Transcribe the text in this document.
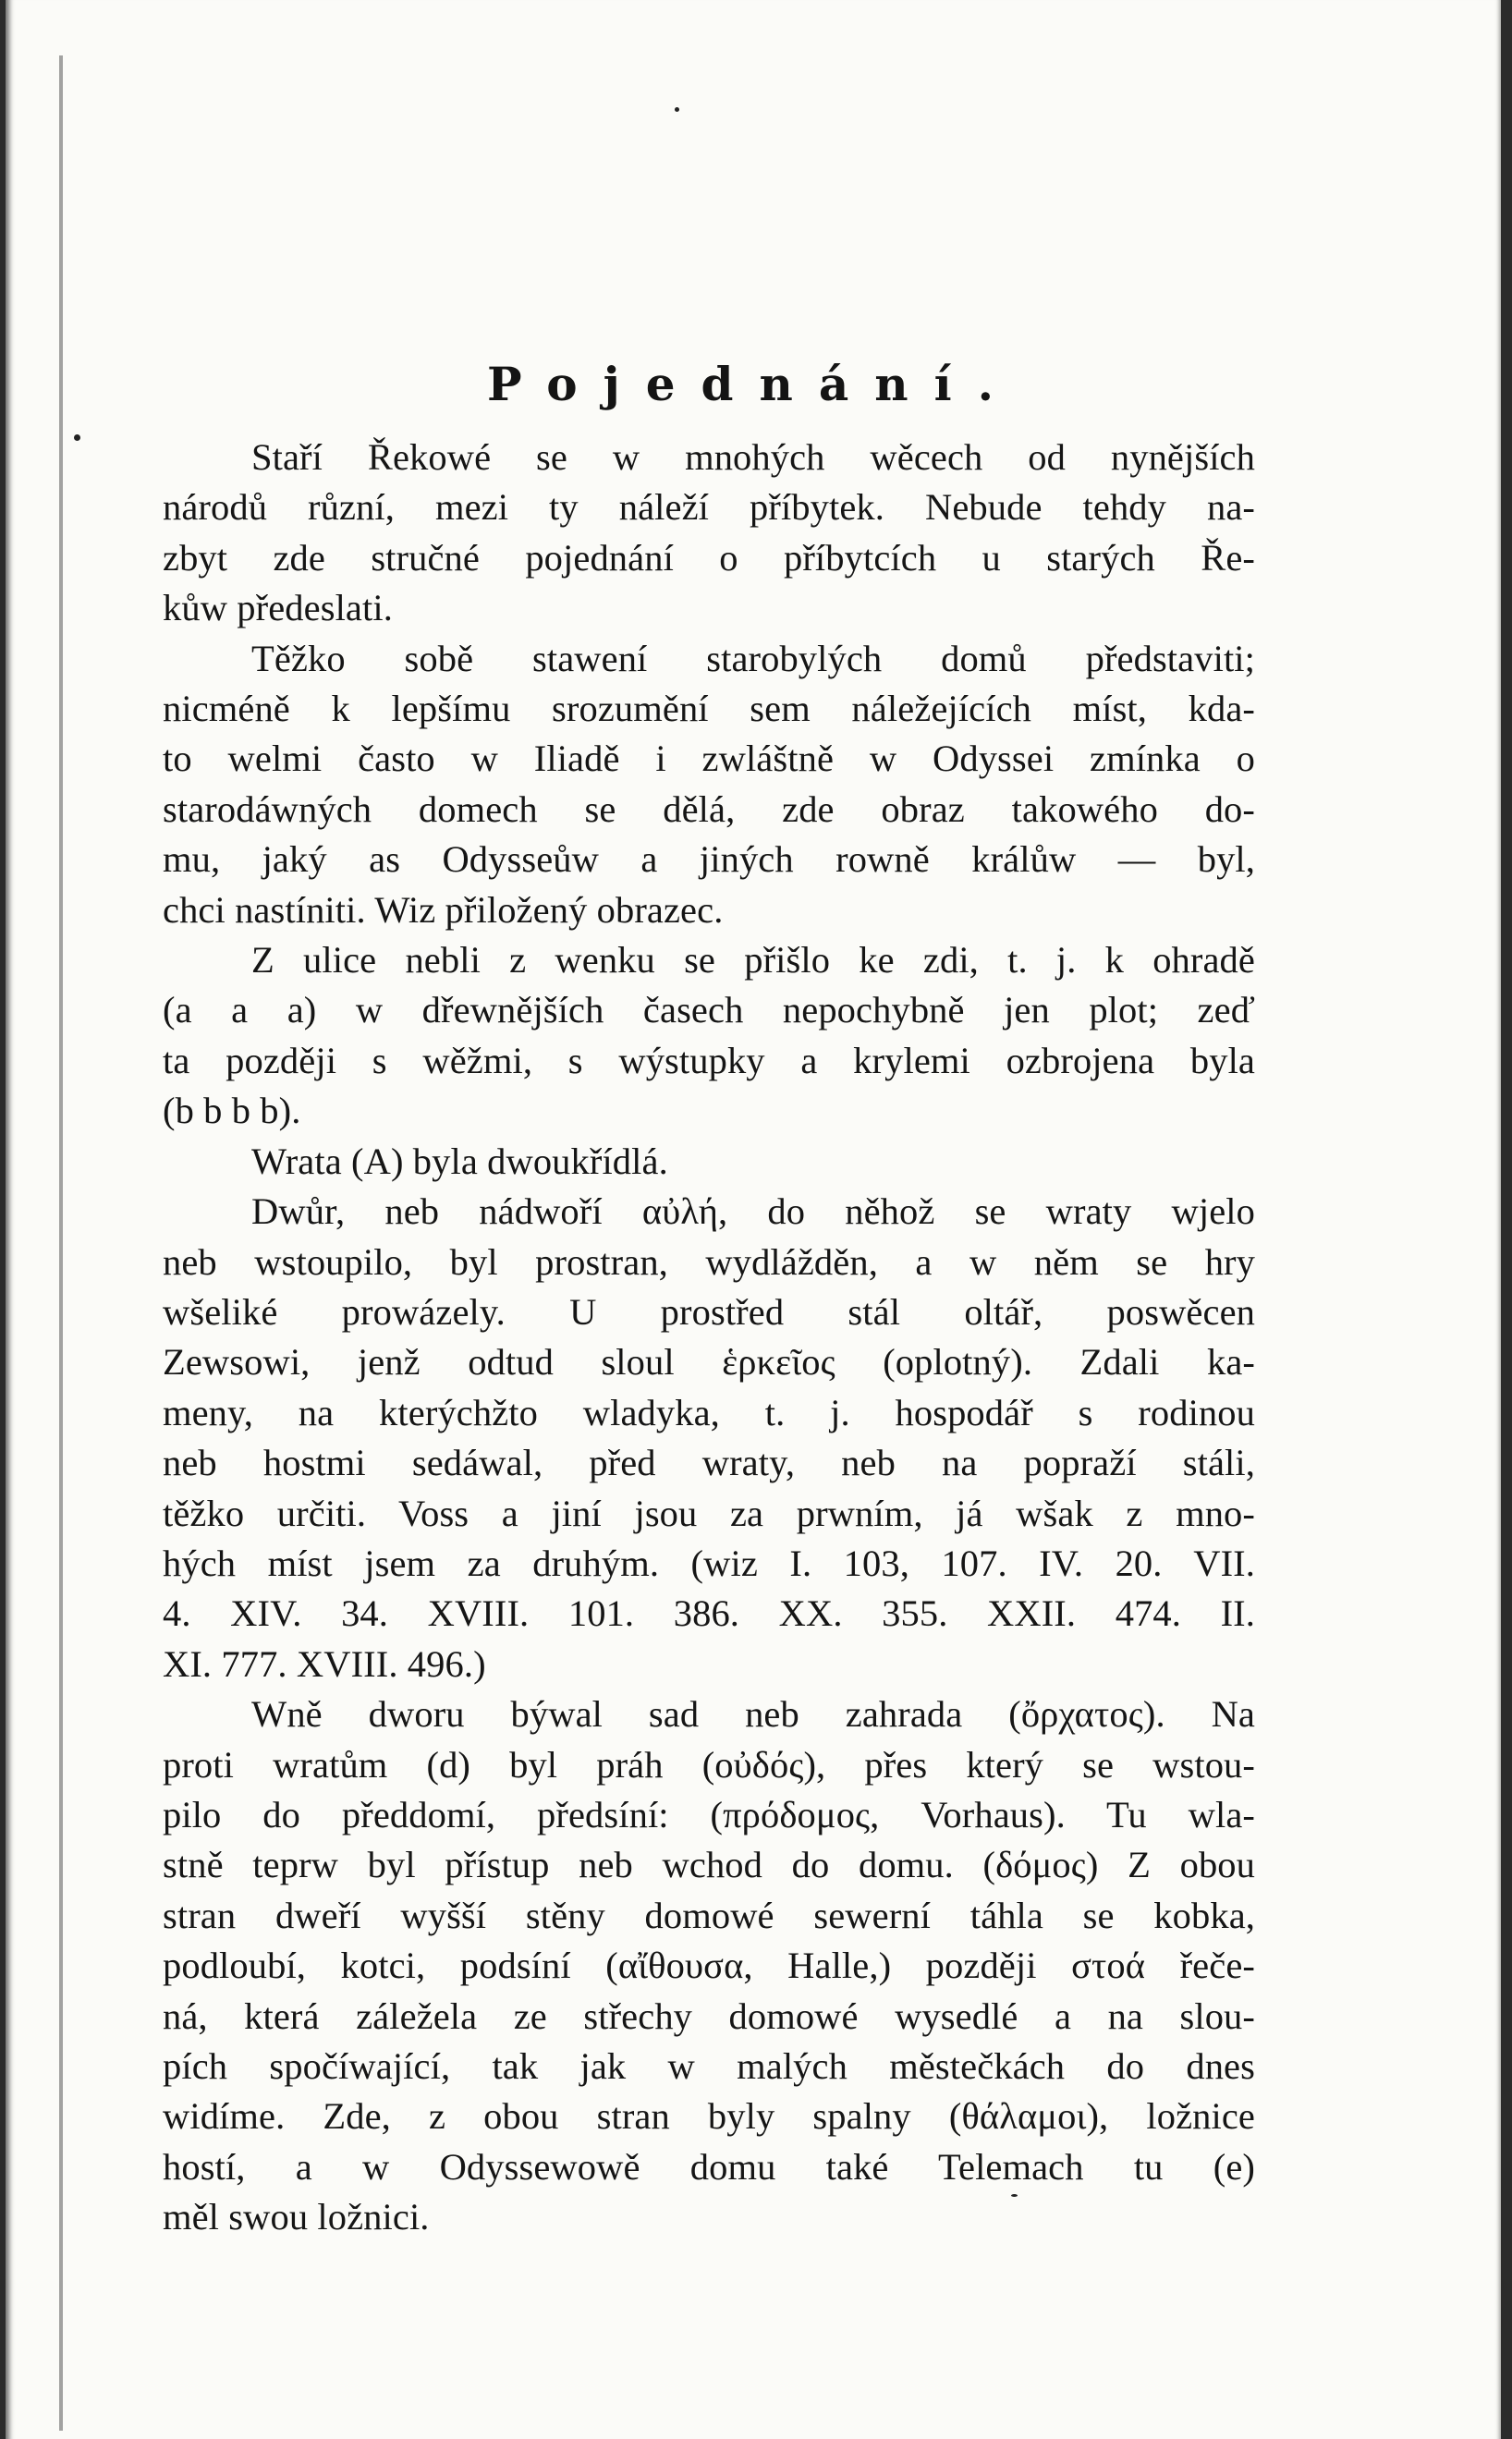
Pojednání.
Staří Řekowé se w mnohých wěcech od nynějších
národů různí, mezi ty náleží příbytek. Nebude tehdy na-
zbyt zde stručné pojednání o příbytcích u starých Ře-
kůw předeslati.
Těžko sobě stawení starobylých domů představiti;
nicméně k lepšímu srozumění sem náležejících míst, kda-
to welmi často w Iliadě i zwláštně w Odyssei zmínka o
starodáwných domech se dělá, zde obraz takowého do-
mu, jaký as Odysseůw a jiných rowně králůw — byl,
chci nastíniti. Wiz přiložený obrazec.
Z ulice nebli z wenku se přišlo ke zdi, t. j. k ohradě
(a a a) w dřewnějších časech nepochybně jen plot; zeď
ta později s wěžmi, s wýstupky a krylemi ozbrojena byla
(b b b b).
Wrata (A) byla dwoukřídlá.
Dwůr, neb nádwoří αὐλή, do něhož se wraty wjelo
neb wstoupilo, byl prostran, wydlážděn, a w něm se hry
wšeliké prowázely. U prostřed stál oltář, poswěcen
Zewsowi, jenž odtud sloul ἑρκεῖος (oplotný). Zdali ka-
meny, na kterýchžto wladyka, t. j. hospodář s rodinou
neb hostmi sedáwal, před wraty, neb na popraží stáli,
těžko určiti. Voss a jiní jsou za prwním, já wšak z mno-
hých míst jsem za druhým. (wiz I. 103, 107. IV. 20. VII.
4. XIV. 34. XVIII. 101. 386. XX. 355. XXII. 474. II.
XI. 777. XVIII. 496.)
Wně dworu býwal sad neb zahrada (ὄρχατος). Na
proti wratům (d) byl práh (οὐδός), přes který se wstou-
pilo do předdomí, předsíní: (πρόδομος, Vorhaus). Tu wla-
stně teprw byl přístup neb wchod do domu. (δόμος) Z obou
stran dweří wyšší stěny domowé sewerní táhla se kobka,
podloubí, kotci, podsíní (αἴθουσα, Halle,) později στοά řeče-
ná, která záležela ze střechy domowé wysedlé a na slou-
pích spočíwající, tak jak w malých městečkách do dnes
widíme. Zde, z obou stran byly spalny (θάλαμοι), ložnice
hostí, a w Odyssewowě domu také Telemach tu (e)
měl swou ložnici.
